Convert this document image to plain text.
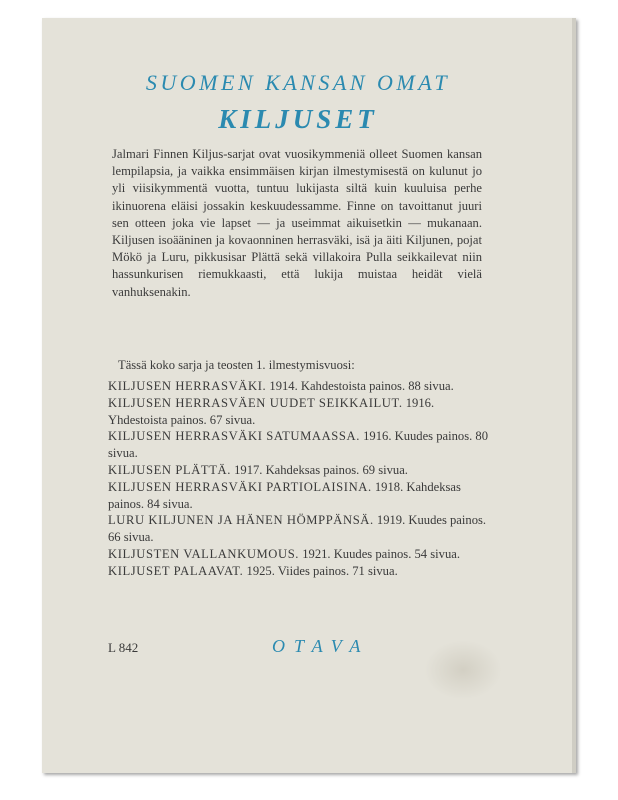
SUOMEN KANSAN OMAT
KILJUSET

Jalmari Finnen Kiljus-sarjat ovat vuosikymmeniä olleet Suomen kansan lempilapsia, ja vaikka ensimmäisen kirjan ilmestymisestä on kulunut jo yli viisikymmentä vuotta, tuntuu lukijasta siltä kuin kuuluisa perhe ikinuorena eläisi jossakin keskuudessamme. Finne on tavoittanut juuri sen otteen joka vie lapset — ja useimmat aikuisetkin — mukanaan. Kiljusen isoääninen ja kovaonninen herrasväki, isä ja äiti Kiljunen, pojat Mökö ja Luru, pikkusisar Plättä sekä villakoira Pulla seikkailevat niin hassunkurisen riemukkaasti, että lukija muistaa heidät vielä vanhuksenakin.

Tässä koko sarja ja teosten 1. ilmestymisvuosi:

KILJUSEN HERRASVÄKI. 1914. Kahdestoista painos. 88 sivua.
KILJUSEN HERRASVÄEN UUDET SEIKKAILUT. 1916. Yhdestoista painos. 67 sivua.
KILJUSEN HERRASVÄKI SATUMAASSA. 1916. Kuudes painos. 80 sivua.
KILJUSEN PLÄTTÄ. 1917. Kahdeksas painos. 69 sivua.
KILJUSEN HERRASVÄKI PARTIOLAISINA. 1918. Kahdeksas painos. 84 sivua.
LURU KILJUNEN JA HÄNEN HÖMPPÄNSÄ. 1919. Kuudes painos. 66 sivua.
KILJUSTEN VALLANKUMOUS. 1921. Kuudes painos. 54 sivua.
KILJUSET PALAAVAT. 1925. Viides painos. 71 sivua.
L 842	OTAVA
